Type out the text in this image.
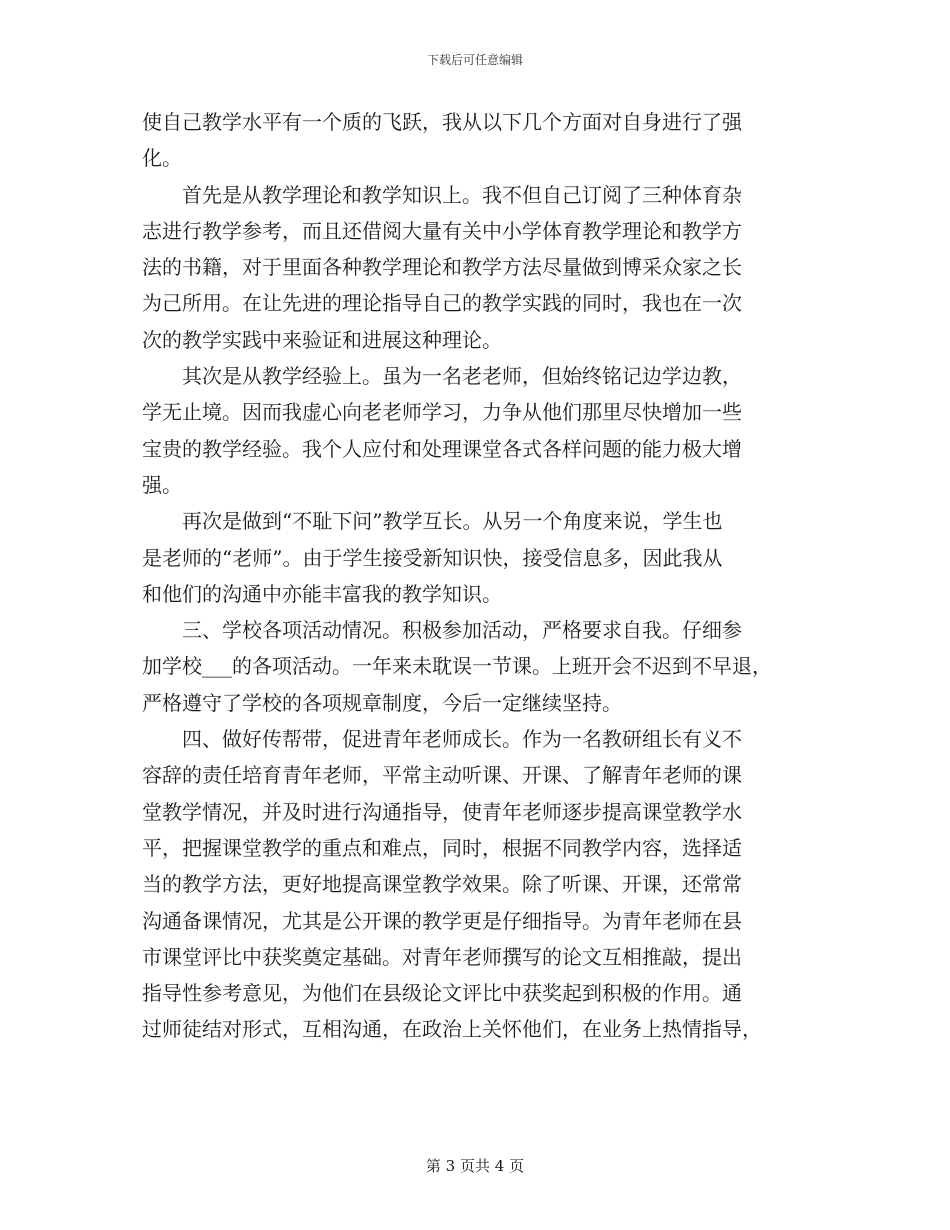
下载后可任意编辑
使自己教学水平有一个质的飞跃，我从以下几个方面对自身进行了强
化。
首先是从教学理论和教学知识上。我不但自己订阅了三种体育杂
志进行教学参考，而且还借阅大量有关中小学体育教学理论和教学方
法的书籍，对于里面各种教学理论和教学方法尽量做到博采众家之长
为己所用。在让先进的理论指导自己的教学实践的同时，我也在一次
次的教学实践中来验证和进展这种理论。
其次是从教学经验上。虽为一名老老师，但始终铭记边学边教，
学无止境。因而我虚心向老老师学习，力争从他们那里尽快增加一些
宝贵的教学经验。我个人应付和处理课堂各式各样问题的能力极大增
强。
再次是做到“不耻下问”教学互长。从另一个角度来说，学生也
是老师的“老师”。由于学生接受新知识快，接受信息多，因此我从
和他们的沟通中亦能丰富我的教学知识。
三、学校各项活动情况。积极参加活动，严格要求自我。仔细参
加学校___的各项活动。一年来未耽误一节课。上班开会不迟到不早退，
严格遵守了学校的各项规章制度，今后一定继续坚持。
四、做好传帮带，促进青年老师成长。作为一名教研组长有义不
容辞的责任培育青年老师，平常主动听课、开课、了解青年老师的课
堂教学情况，并及时进行沟通指导，使青年老师逐步提高课堂教学水
平，把握课堂教学的重点和难点，同时，根据不同教学内容，选择适
当的教学方法，更好地提高课堂教学效果。除了听课、开课，还常常
沟通备课情况，尤其是公开课的教学更是仔细指导。为青年老师在县
市课堂评比中获奖奠定基础。对青年老师撰写的论文互相推敲，提出
指导性参考意见，为他们在县级论文评比中获奖起到积极的作用。通
过师徒结对形式，互相沟通，在政治上关怀他们，在业务上热情指导，
第 3 页共 4 页
